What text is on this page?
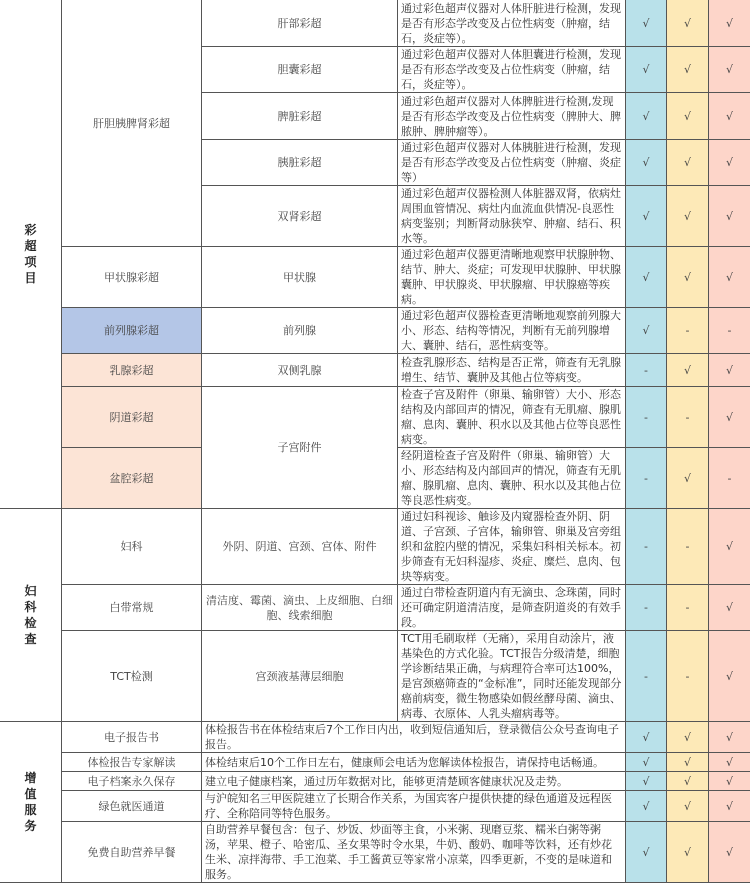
彩
超
项
目	肝胆胰脾肾彩超	肝部彩超	通过彩色超声仪器对人体肝脏进行检测，发现是否有形态学改变及占位性病变（肿瘤，结石，炎症等）。	√	√	√
		胆囊彩超	通过彩色超声仪器对人体胆囊进行检测，发现是否有形态学改变及占位性病变（肿瘤，结石，炎症等）。	√	√	√
		脾脏彩超	通过彩色超声仪器对人体脾脏进行检测,发现是否有形态学改变及占位性病变（脾肿大、脾脓肿、脾肿瘤等）。	√	√	√
		胰脏彩超	通过彩色超声仪器对人体胰脏进行检测，发现是否有形态学改变及占位性病变（肿瘤、炎症等）	√	√	√
		双肾彩超	通过彩色超声仪器检测人体脏器双肾，依病灶周围血管情况、病灶内血流血供情况-良恶性病变鉴别；判断肾动脉狭窄、肿瘤、结石、积水等。	√	√	√
	甲状腺彩超	甲状腺	通过彩色超声仪器更清晰地观察甲状腺肿物、结节、肿大、炎症；可发现甲状腺肿、甲状腺囊肿、甲状腺炎、甲状腺瘤、甲状腺癌等疾病。	√	√	√
	前列腺彩超	前列腺	通过彩色超声仪器检查更清晰地观察前列腺大小、形态、结构等情况，判断有无前列腺增大、囊肿、结石，恶性病变等。	√	-	-
	乳腺彩超	双侧乳腺	检查乳腺形态、结构是否正常，筛查有无乳腺增生、结节、囊肿及其他占位等病变。	-	√	√
	阴道彩超	子宫附件	检查子宫及附件（卵巢、输卵管）大小、形态结构及内部回声的情况，筛查有无肌瘤、腺肌瘤、息肉、囊肿、积水以及其他占位等良恶性病变。	-	-	√
	盆腔彩超		经阴道检查子宫及附件（卵巢、输卵管）大小、形态结构及内部回声的情况，筛查有无肌瘤、腺肌瘤、息肉、囊肿、积水以及其他占位等良恶性病变。	-	√	-

妇
科
检
查	妇科	外阴、阴道、宫颈、宫体、附件	通过妇科视诊、触诊及内窥器检查外阴、阴道、子宫颈、子宫体，输卵管、卵巢及宫旁组织和盆腔内壁的情况，采集妇科相关标本。初步筛查有无妇科湿疹、炎症、糜烂、息肉、包块等病变。	-	-	√
	白带常规	清洁度、霉菌、滴虫、上皮细胞、白细胞、线索细胞	通过白带检查阴道内有无滴虫、念珠菌，同时还可确定阴道清洁度，是筛查阴道炎的有效手段。	-	-	√
	TCT检测	宫颈液基薄层细胞	TCT用毛刷取样（无痛），采用自动涂片，液基染色的方式化验。TCT报告分级清楚，细胞学诊断结果正确，与病理符合率可达100%，是宫颈癌筛查的“金标准”，同时还能发现部分癌前病变，微生物感染如假丝酵母菌、滴虫、病毒、衣原体、人乳头瘤病毒等。	-	-	√

增
值
服
务	电子报告书	体检报告书在体检结束后7个工作日内出，收到短信通知后，登录微信公众号查询电子报告。		√	√	√
	体检报告专家解读	体检结束后10个工作日左右，健康师会电话为您解读体检报告，请保持电话畅通。		√	√	√
	电子档案永久保存	建立电子健康档案，通过历年数据对比，能够更清楚顾客健康状况及走势。		√	√	√
	绿色就医通道	与沪皖知名三甲医院建立了长期合作关系，为国宾客户提供快捷的绿色通道及远程医疗、全称陪同等特色服务。		√	√	√
	免费自助营养早餐	自助营养早餐包含：包子、炒饭、炒面等主食，小米粥、现磨豆浆、糯米白粥等粥汤，苹果、橙子、哈密瓜、圣女果等时令水果，牛奶、酸奶、咖啡等饮料，还有炒花生米、凉拌海带、手工泡菜、手工酱黄豆等家常小凉菜，四季更新，不变的是味道和服务。		√	√	√
